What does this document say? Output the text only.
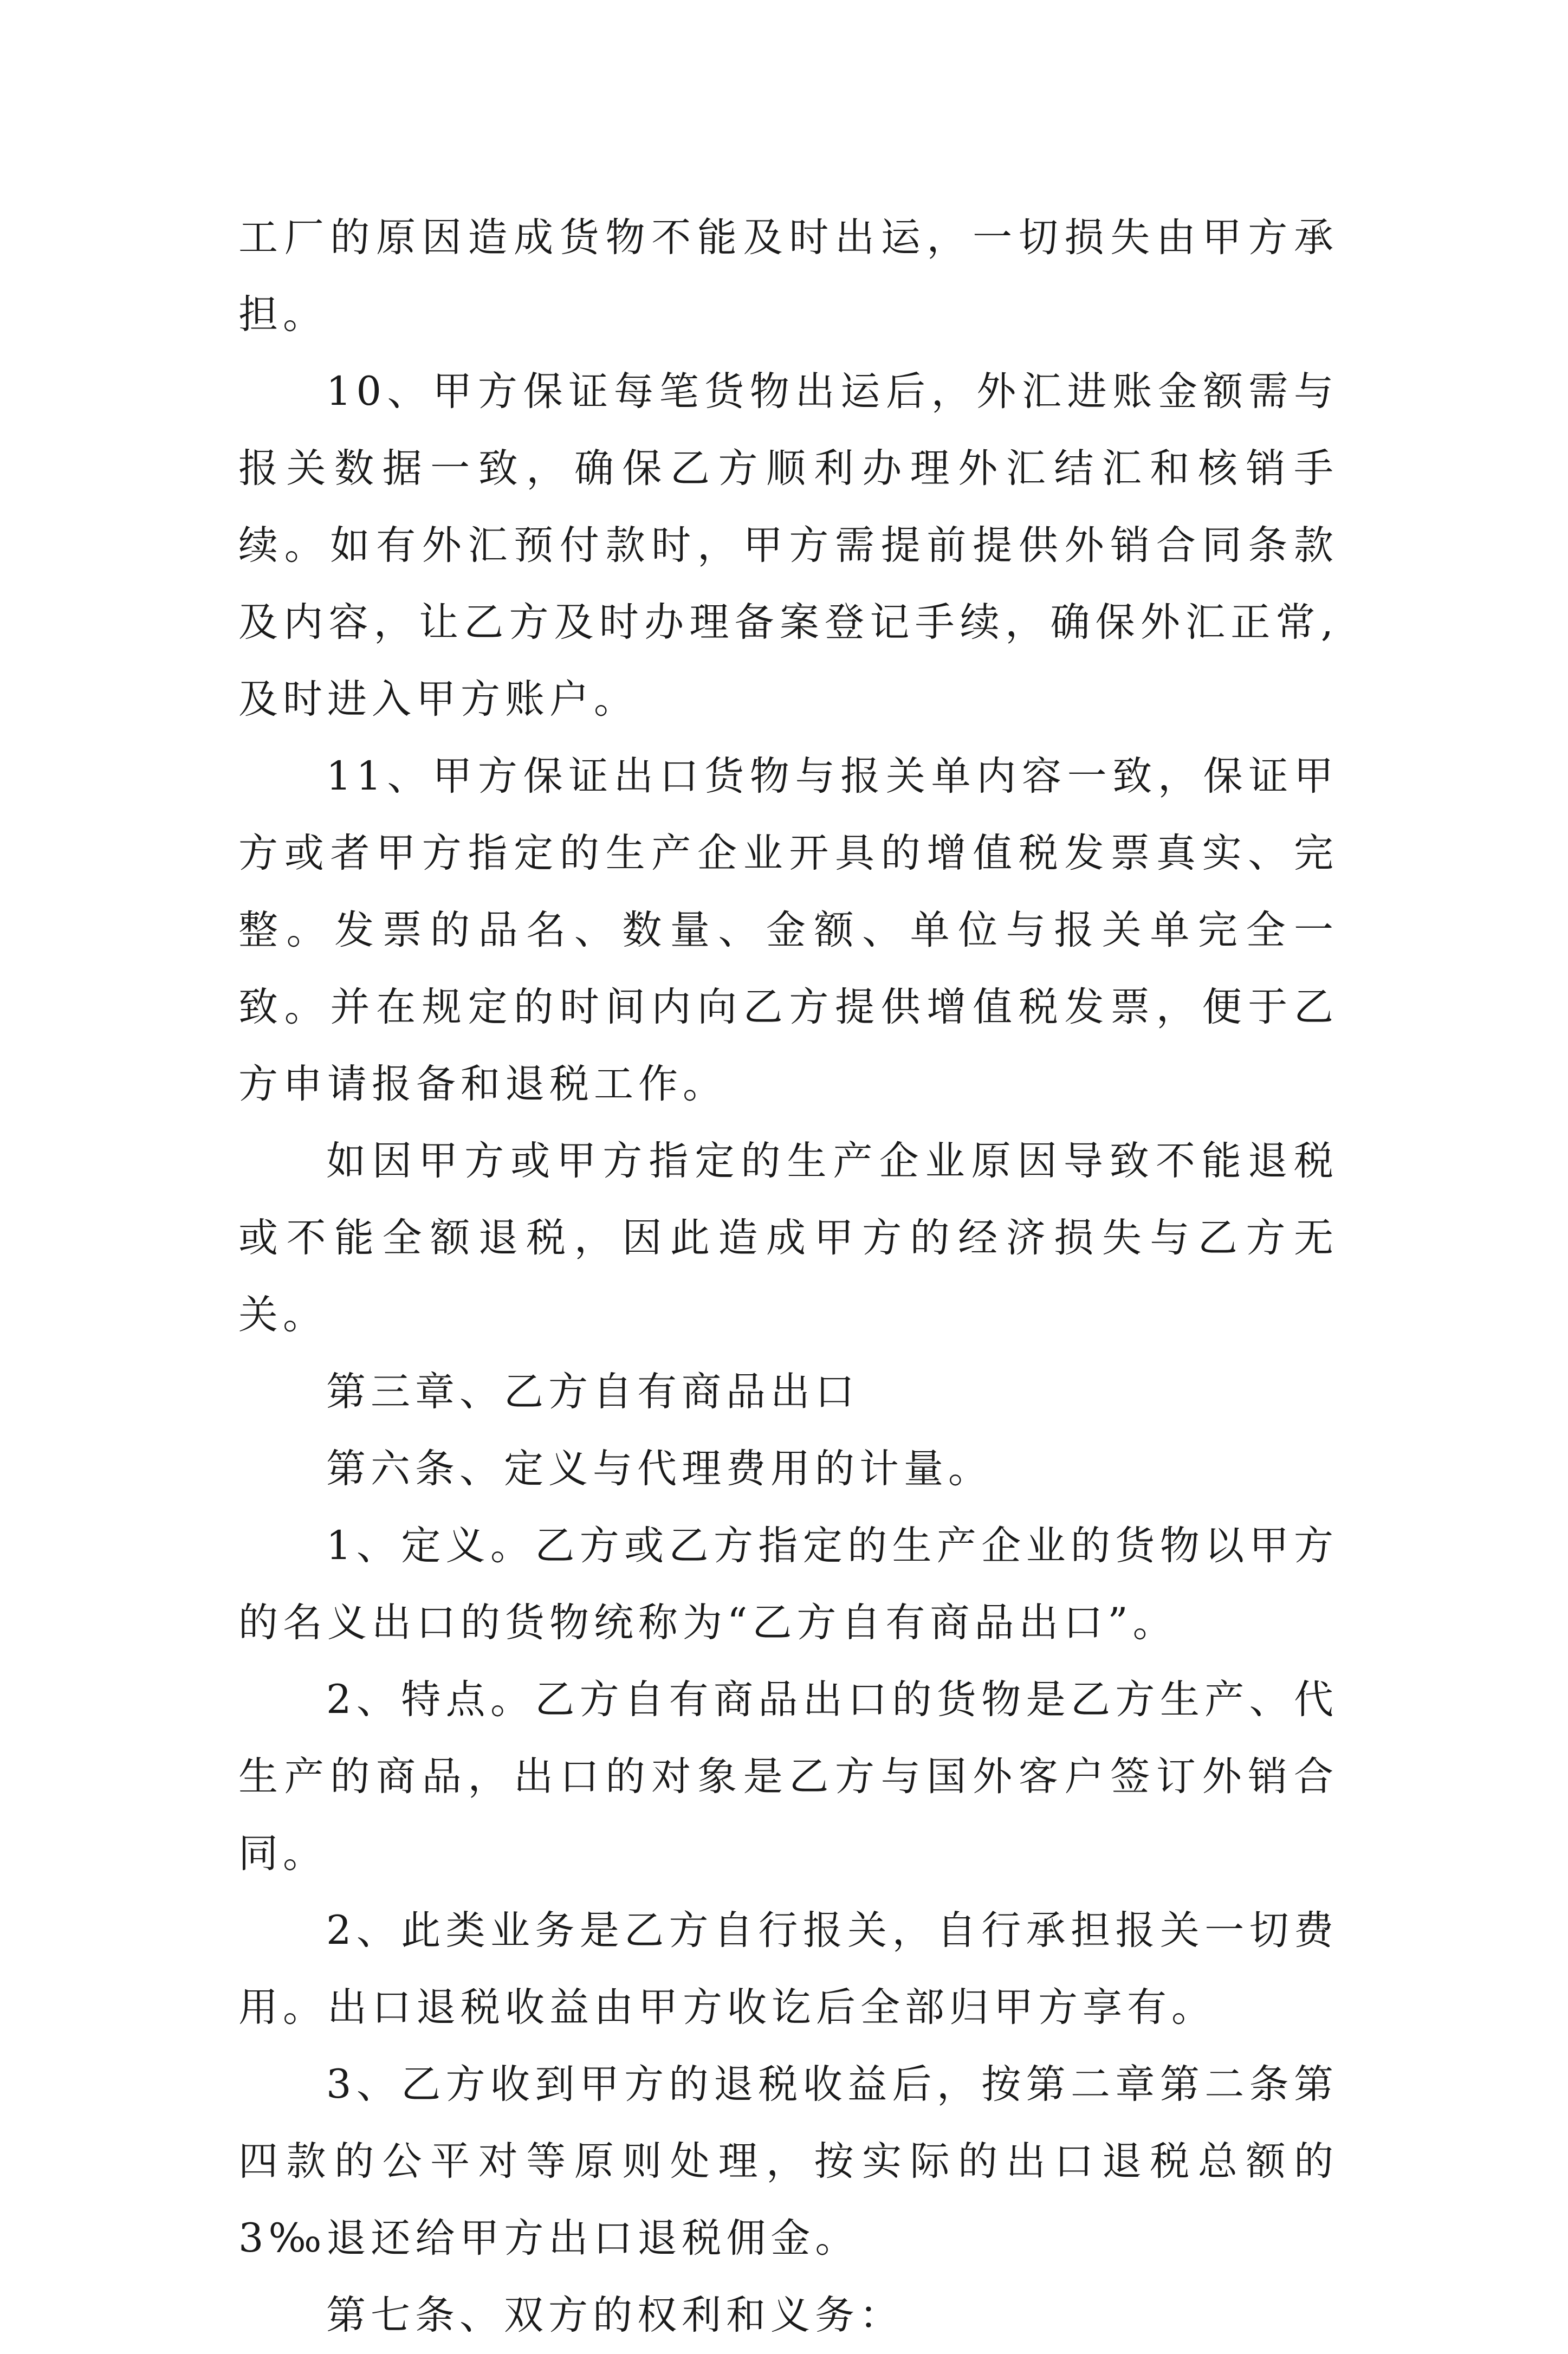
工厂的原因造成货物不能及时出运，一切损失由甲方承担。

10、甲方保证每笔货物出运后，外汇进账金额需与报关数据一致，确保乙方顺利办理外汇结汇和核销手续。如有外汇预付款时，甲方需提前提供外销合同条款及内容，让乙方及时办理备案登记手续，确保外汇正常,及时进入甲方账户。

11、甲方保证出口货物与报关单内容一致，保证甲方或者甲方指定的生产企业开具的增值税发票真实、完整。发票的品名、数量、金额、单位与报关单完全一致。并在规定的时间内向乙方提供增值税发票，便于乙方申请报备和退税工作。

如因甲方或甲方指定的生产企业原因导致不能退税或不能全额退税，因此造成甲方的经济损失与乙方无关。

第三章、乙方自有商品出口

第六条、定义与代理费用的计量。

1、定义。乙方或乙方指定的生产企业的货物以甲方的名义出口的货物统称为“乙方自有商品出口”。

2、特点。乙方自有商品出口的货物是乙方生产、代生产的商品，出口的对象是乙方与国外客户签订外销合同。

2、此类业务是乙方自行报关，自行承担报关一切费用。出口退税收益由甲方收讫后全部归甲方享有。

3、乙方收到甲方的退税收益后，按第二章第二条第四款的公平对等原则处理，按实际的出口退税总额的3‰退还给甲方出口退税佣金。

第七条、双方的权利和义务：
